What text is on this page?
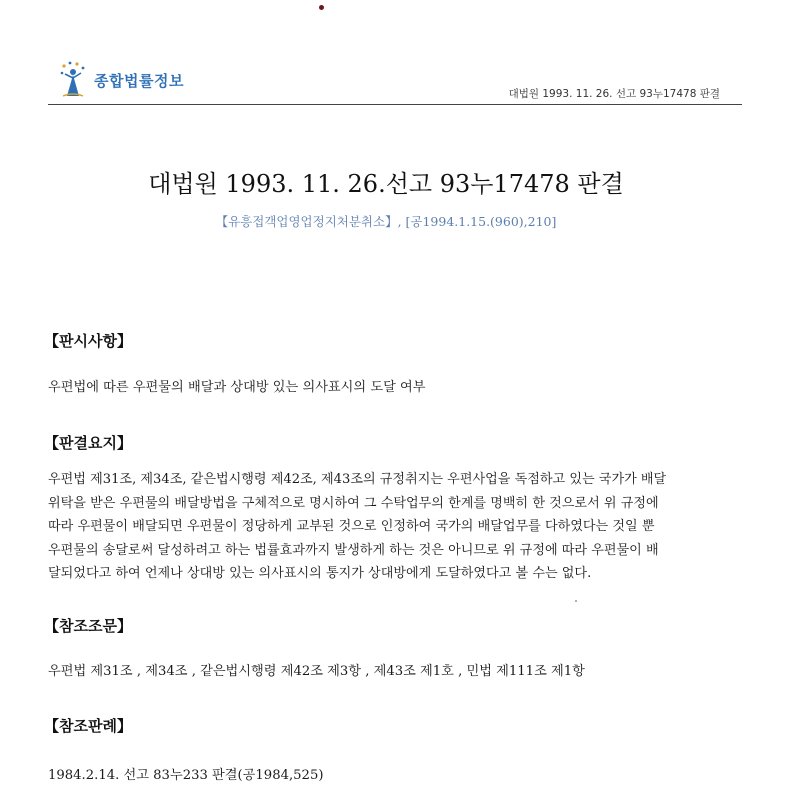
종합법률정보
대법원 1993. 11. 26. 선고 93누17478 판결
대법원 1993. 11. 26.선고 93누17478 판결
【유흥접객업영업정지처분취소】, [공1994.1.15.(960),210]
【판시사항】
우편법에 따른 우편물의 배달과 상대방 있는 의사표시의 도달 여부
【판결요지】
우편법 제31조, 제34조, 같은법시행령 제42조, 제43조의 규정취지는 우편사업을 독점하고 있는 국가가 배달
위탁을 받은 우편물의 배달방법을 구체적으로 명시하여 그 수탁업무의 한계를 명백히 한 것으로서 위 규정에
따라 우편물이 배달되면 우편물이 정당하게 교부된 것으로 인정하여 국가의 배달업무를 다하였다는 것일 뿐
우편물의 송달로써 달성하려고 하는 법률효과까지 발생하게 하는 것은 아니므로 위 규정에 따라 우편물이 배
달되었다고 하여 언제나 상대방 있는 의사표시의 통지가 상대방에게 도달하였다고 볼 수는 없다.
【참조조문】
우편법 제31조 , 제34조 , 같은법시행령 제42조 제3항 , 제43조 제1호 , 민법 제111조 제1항
【참조판례】
1984.2.14. 선고 83누233 판결(공1984,525)
